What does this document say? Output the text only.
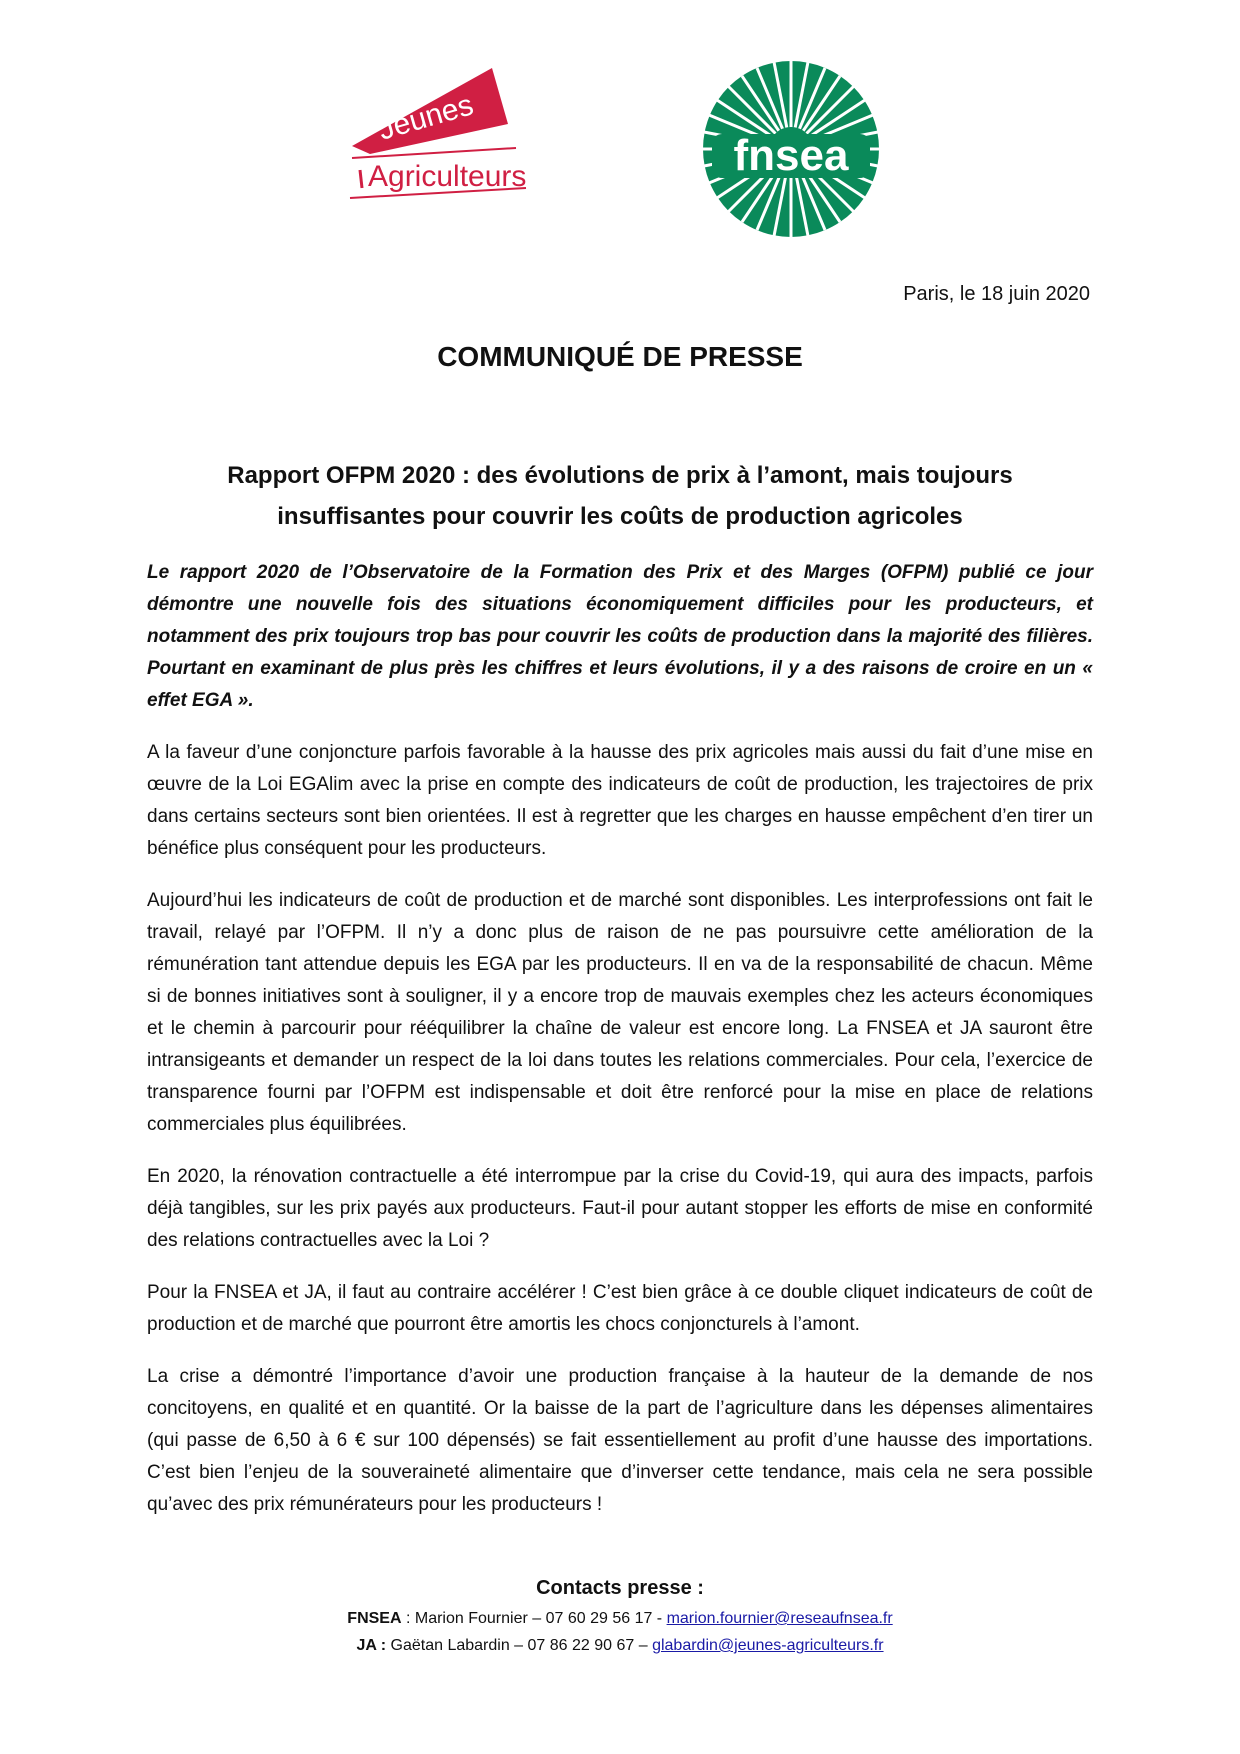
Jeunes
Agriculteurs	fnsea
Paris, le 18 juin 2020
COMMUNIQUÉ DE PRESSE
Rapport OFPM 2020 : des évolutions de prix à l’amont, mais toujours
insuffisantes pour couvrir les coûts de production agricoles

Le rapport 2020 de l’Observatoire de la Formation des Prix et des Marges (OFPM) publié ce jour démontre une nouvelle fois des situations économiquement difficiles pour les producteurs, et notamment des prix toujours trop bas pour couvrir les coûts de production dans la majorité des filières. Pourtant en examinant de plus près les chiffres et leurs évolutions, il y a des raisons de croire en un « effet EGA ».

A la faveur d’une conjoncture parfois favorable à la hausse des prix agricoles mais aussi du fait d’une mise en œuvre de la Loi EGAlim avec la prise en compte des indicateurs de coût de production, les trajectoires de prix dans certains secteurs sont bien orientées. Il est à regretter que les charges en hausse empêchent d’en tirer un bénéfice plus conséquent pour les producteurs.

Aujourd’hui les indicateurs de coût de production et de marché sont disponibles. Les interprofessions ont fait le travail, relayé par l’OFPM. Il n’y a donc plus de raison de ne pas poursuivre cette amélioration de la rémunération tant attendue depuis les EGA par les producteurs. Il en va de la responsabilité de chacun. Même si de bonnes initiatives sont à souligner, il y a encore trop de mauvais exemples chez les acteurs économiques et le chemin à parcourir pour rééquilibrer la chaîne de valeur est encore long. La FNSEA et JA sauront être intransigeants et demander un respect de la loi dans toutes les relations commerciales. Pour cela, l’exercice de transparence fourni par l’OFPM est indispensable et doit être renforcé pour la mise en place de relations commerciales plus équilibrées.

En 2020, la rénovation contractuelle a été interrompue par la crise du Covid-19, qui aura des impacts, parfois déjà tangibles, sur les prix payés aux producteurs. Faut-il pour autant stopper les efforts de mise en conformité des relations contractuelles avec la Loi ?

Pour la FNSEA et JA, il faut au contraire accélérer ! C’est bien grâce à ce double cliquet indicateurs de coût de production et de marché que pourront être amortis les chocs conjoncturels à l’amont.

La crise a démontré l’importance d’avoir une production française à la hauteur de la demande de nos concitoyens, en qualité et en quantité. Or la baisse de la part de l’agriculture dans les dépenses alimentaires (qui passe de 6,50 à 6 € sur 100 dépensés) se fait essentiellement au profit d’une hausse des importations. C’est bien l’enjeu de la souveraineté alimentaire que d’inverser cette tendance, mais cela ne sera possible qu’avec des prix rémunérateurs pour les producteurs !

Contacts presse :
FNSEA : Marion Fournier – 07 60 29 56 17 - marion.fournier@reseaufnsea.fr
JA : Gaëtan Labardin – 07 86 22 90 67 – glabardin@jeunes-agriculteurs.fr
